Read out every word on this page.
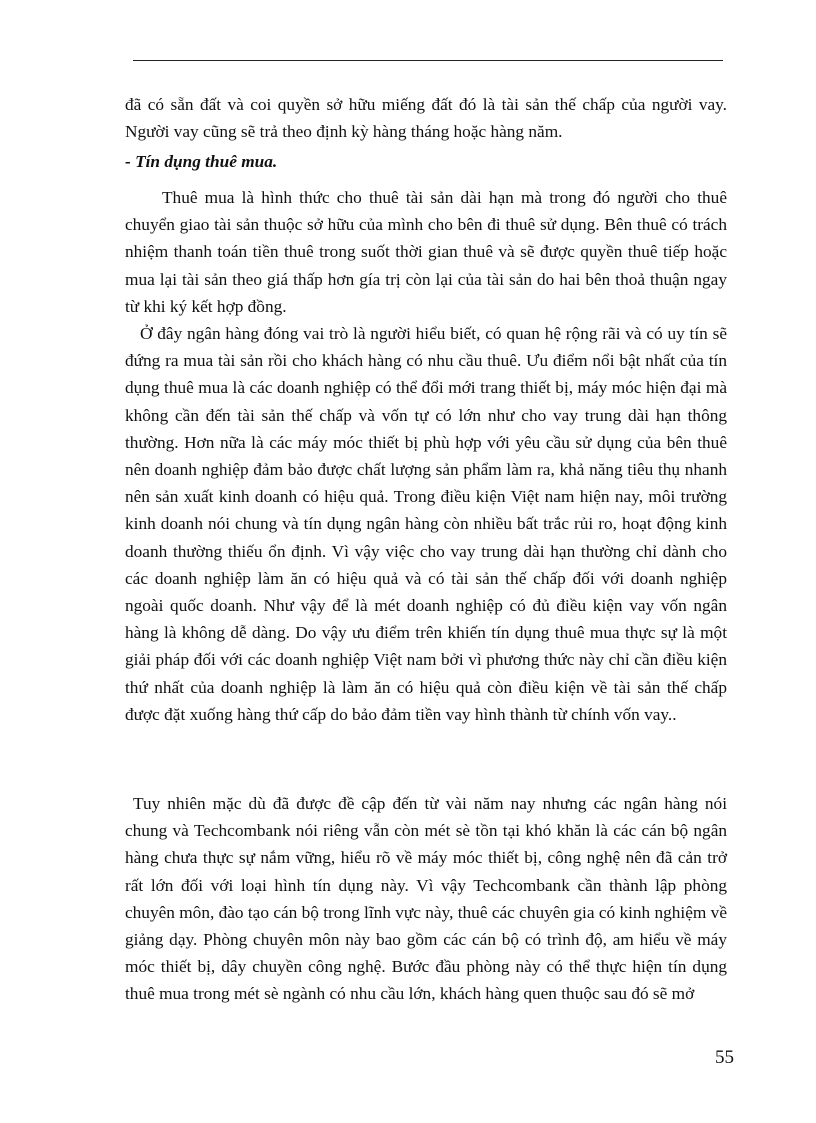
đã có sẵn đất và coi quyền sở hữu miếng đất đó là tài sản thế chấp của người vay. Người vay cũng sẽ trả theo định kỳ hàng tháng hoặc hàng năm.

- Tín dụng thuê mua.

Thuê mua là hình thức cho thuê tài sản dài hạn mà trong đó người cho thuê chuyển giao tài sản thuộc sở hữu của mình cho bên đi thuê sử dụng. Bên thuê có trách nhiệm thanh toán tiền thuê trong suốt thời gian thuê và sẽ được quyền thuê tiếp hoặc mua lại tài sản theo giá thấp hơn gía trị còn lại của tài sản do hai bên thoả thuận ngay từ khi ký kết hợp đồng.

Ở đây ngân hàng đóng vai trò là người hiểu biết, có quan hệ rộng rãi và có uy tín sẽ đứng ra mua tài sản rồi cho khách hàng có nhu cầu thuê. Ưu điểm nổi bật nhất của tín dụng thuê mua là các doanh nghiệp có thể đổi mới trang thiết bị, máy móc hiện đại mà không cần đến tài sản thế chấp và vốn tự có lớn như cho vay trung dài hạn thông thường. Hơn nữa là các máy móc thiết bị phù hợp với yêu cầu sử dụng của bên thuê nên doanh nghiệp đảm bảo được chất lượng sản phẩm làm ra, khả năng tiêu thụ nhanh nên sản xuất kinh doanh có hiệu quả. Trong điều kiện Việt nam hiện nay, môi trường kinh doanh nói chung và tín dụng ngân hàng còn nhiều bất trắc rủi ro, hoạt động kinh doanh thường thiếu ổn định. Vì vậy việc cho vay trung dài hạn thường chỉ dành cho các doanh nghiệp làm ăn có hiệu quả và có tài sản thế chấp đối với doanh nghiệp ngoài quốc doanh. Như vậy để là mét doanh nghiệp có đủ điều kiện vay vốn ngân hàng là không dễ dàng. Do vậy ưu điểm trên khiến tín dụng thuê mua thực sự là một giải pháp đối với các doanh nghiệp Việt nam bởi vì phương thức này chỉ cần điều kiện thứ nhất của doanh nghiệp là làm ăn có hiệu quả còn điều kiện về tài sản thế chấp được đặt xuống hàng thứ cấp do bảo đảm tiền vay hình thành từ chính vốn vay..

Tuy nhiên mặc dù đã được đề cập đến từ vài năm nay nhưng các ngân hàng nói chung và Techcombank nói riêng vẫn còn mét sè tồn tại khó khăn là các cán bộ ngân hàng chưa thực sự nắm vững, hiểu rõ về máy móc thiết bị, công nghệ nên đã cản trở rất lớn đối với loại hình tín dụng này. Vì vậy Techcombank cần thành lập phòng chuyên môn, đào tạo cán bộ trong lĩnh vực này, thuê các chuyên gia có kinh nghiệm về giảng dạy. Phòng chuyên môn này bao gồm các cán bộ có trình độ, am hiểu về máy móc thiết bị, dây chuyền công nghệ. Bước đầu phòng này có thể thực hiện tín dụng thuê mua trong mét sè ngành có nhu cầu lớn, khách hàng quen thuộc sau đó sẽ mở

55
